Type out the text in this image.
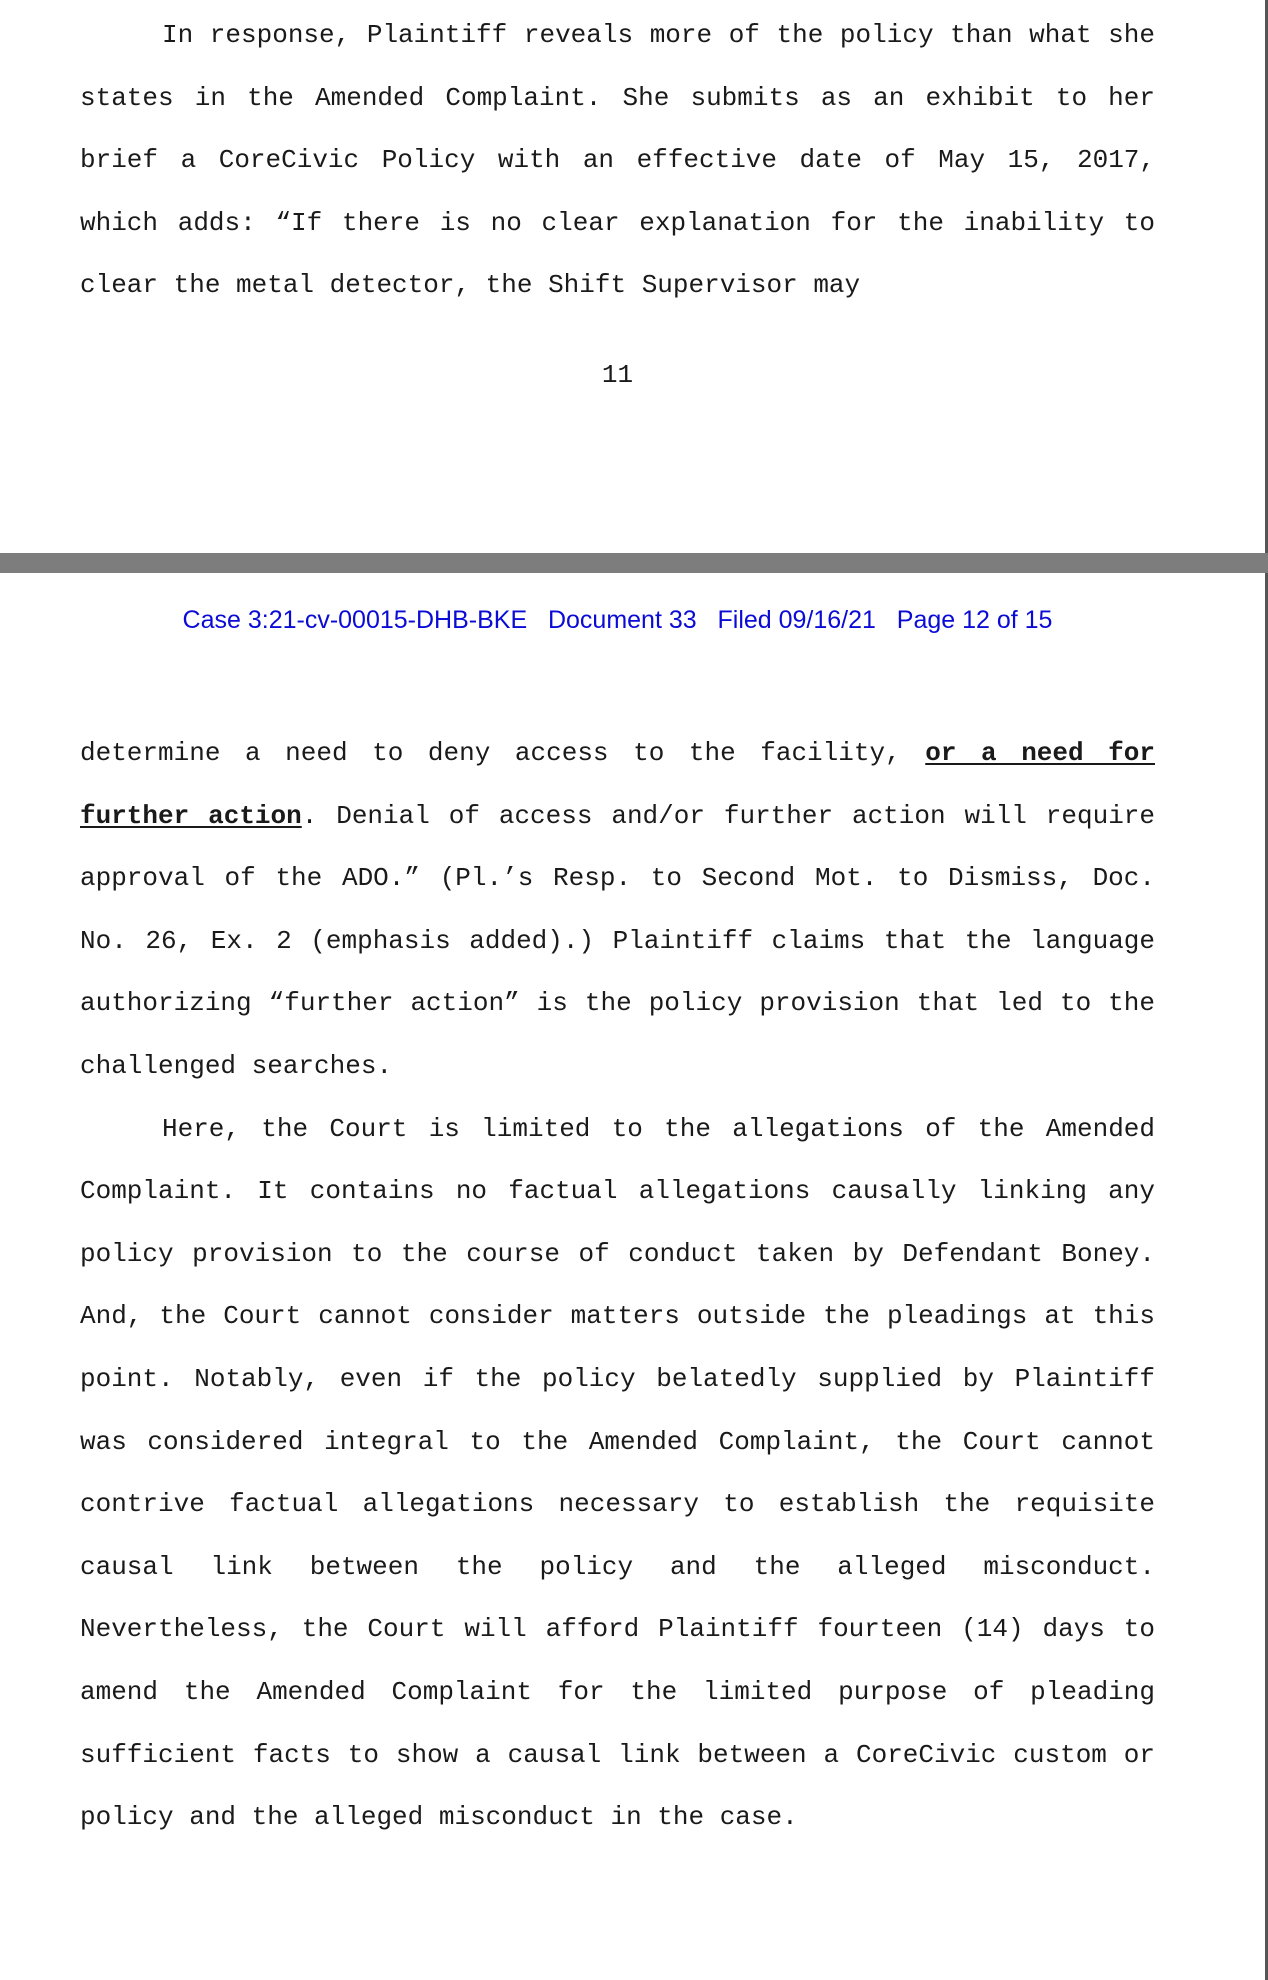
In response, Plaintiff reveals more of the policy than what she states in the Amended Complaint. She submits as an exhibit to her brief a CoreCivic Policy with an effective date of May 15, 2017, which adds: “If there is no clear explanation for the inability to clear the metal detector, the Shift Supervisor may

11
Case 3:21-cv-00015-DHB-BKE   Document 33   Filed 09/16/21   Page 12 of 15

determine a need to deny access to the facility, or a need for further action. Denial of access and/or further action will require approval of the ADO.” (Pl.’s Resp. to Second Mot. to Dismiss, Doc. No. 26, Ex. 2 (emphasis added).) Plaintiff claims that the language authorizing “further action” is the policy provision that led to the challenged searches.

Here, the Court is limited to the allegations of the Amended Complaint. It contains no factual allegations causally linking any policy provision to the course of conduct taken by Defendant Boney. And, the Court cannot consider matters outside the pleadings at this point. Notably, even if the policy belatedly supplied by Plaintiff was considered integral to the Amended Complaint, the Court cannot contrive factual allegations necessary to establish the requisite causal link between the policy and the alleged misconduct. Nevertheless, the Court will afford Plaintiff fourteen (14) days to amend the Amended Complaint for the limited purpose of pleading sufficient facts to show a causal link between a CoreCivic custom or policy and the alleged misconduct in the case.
